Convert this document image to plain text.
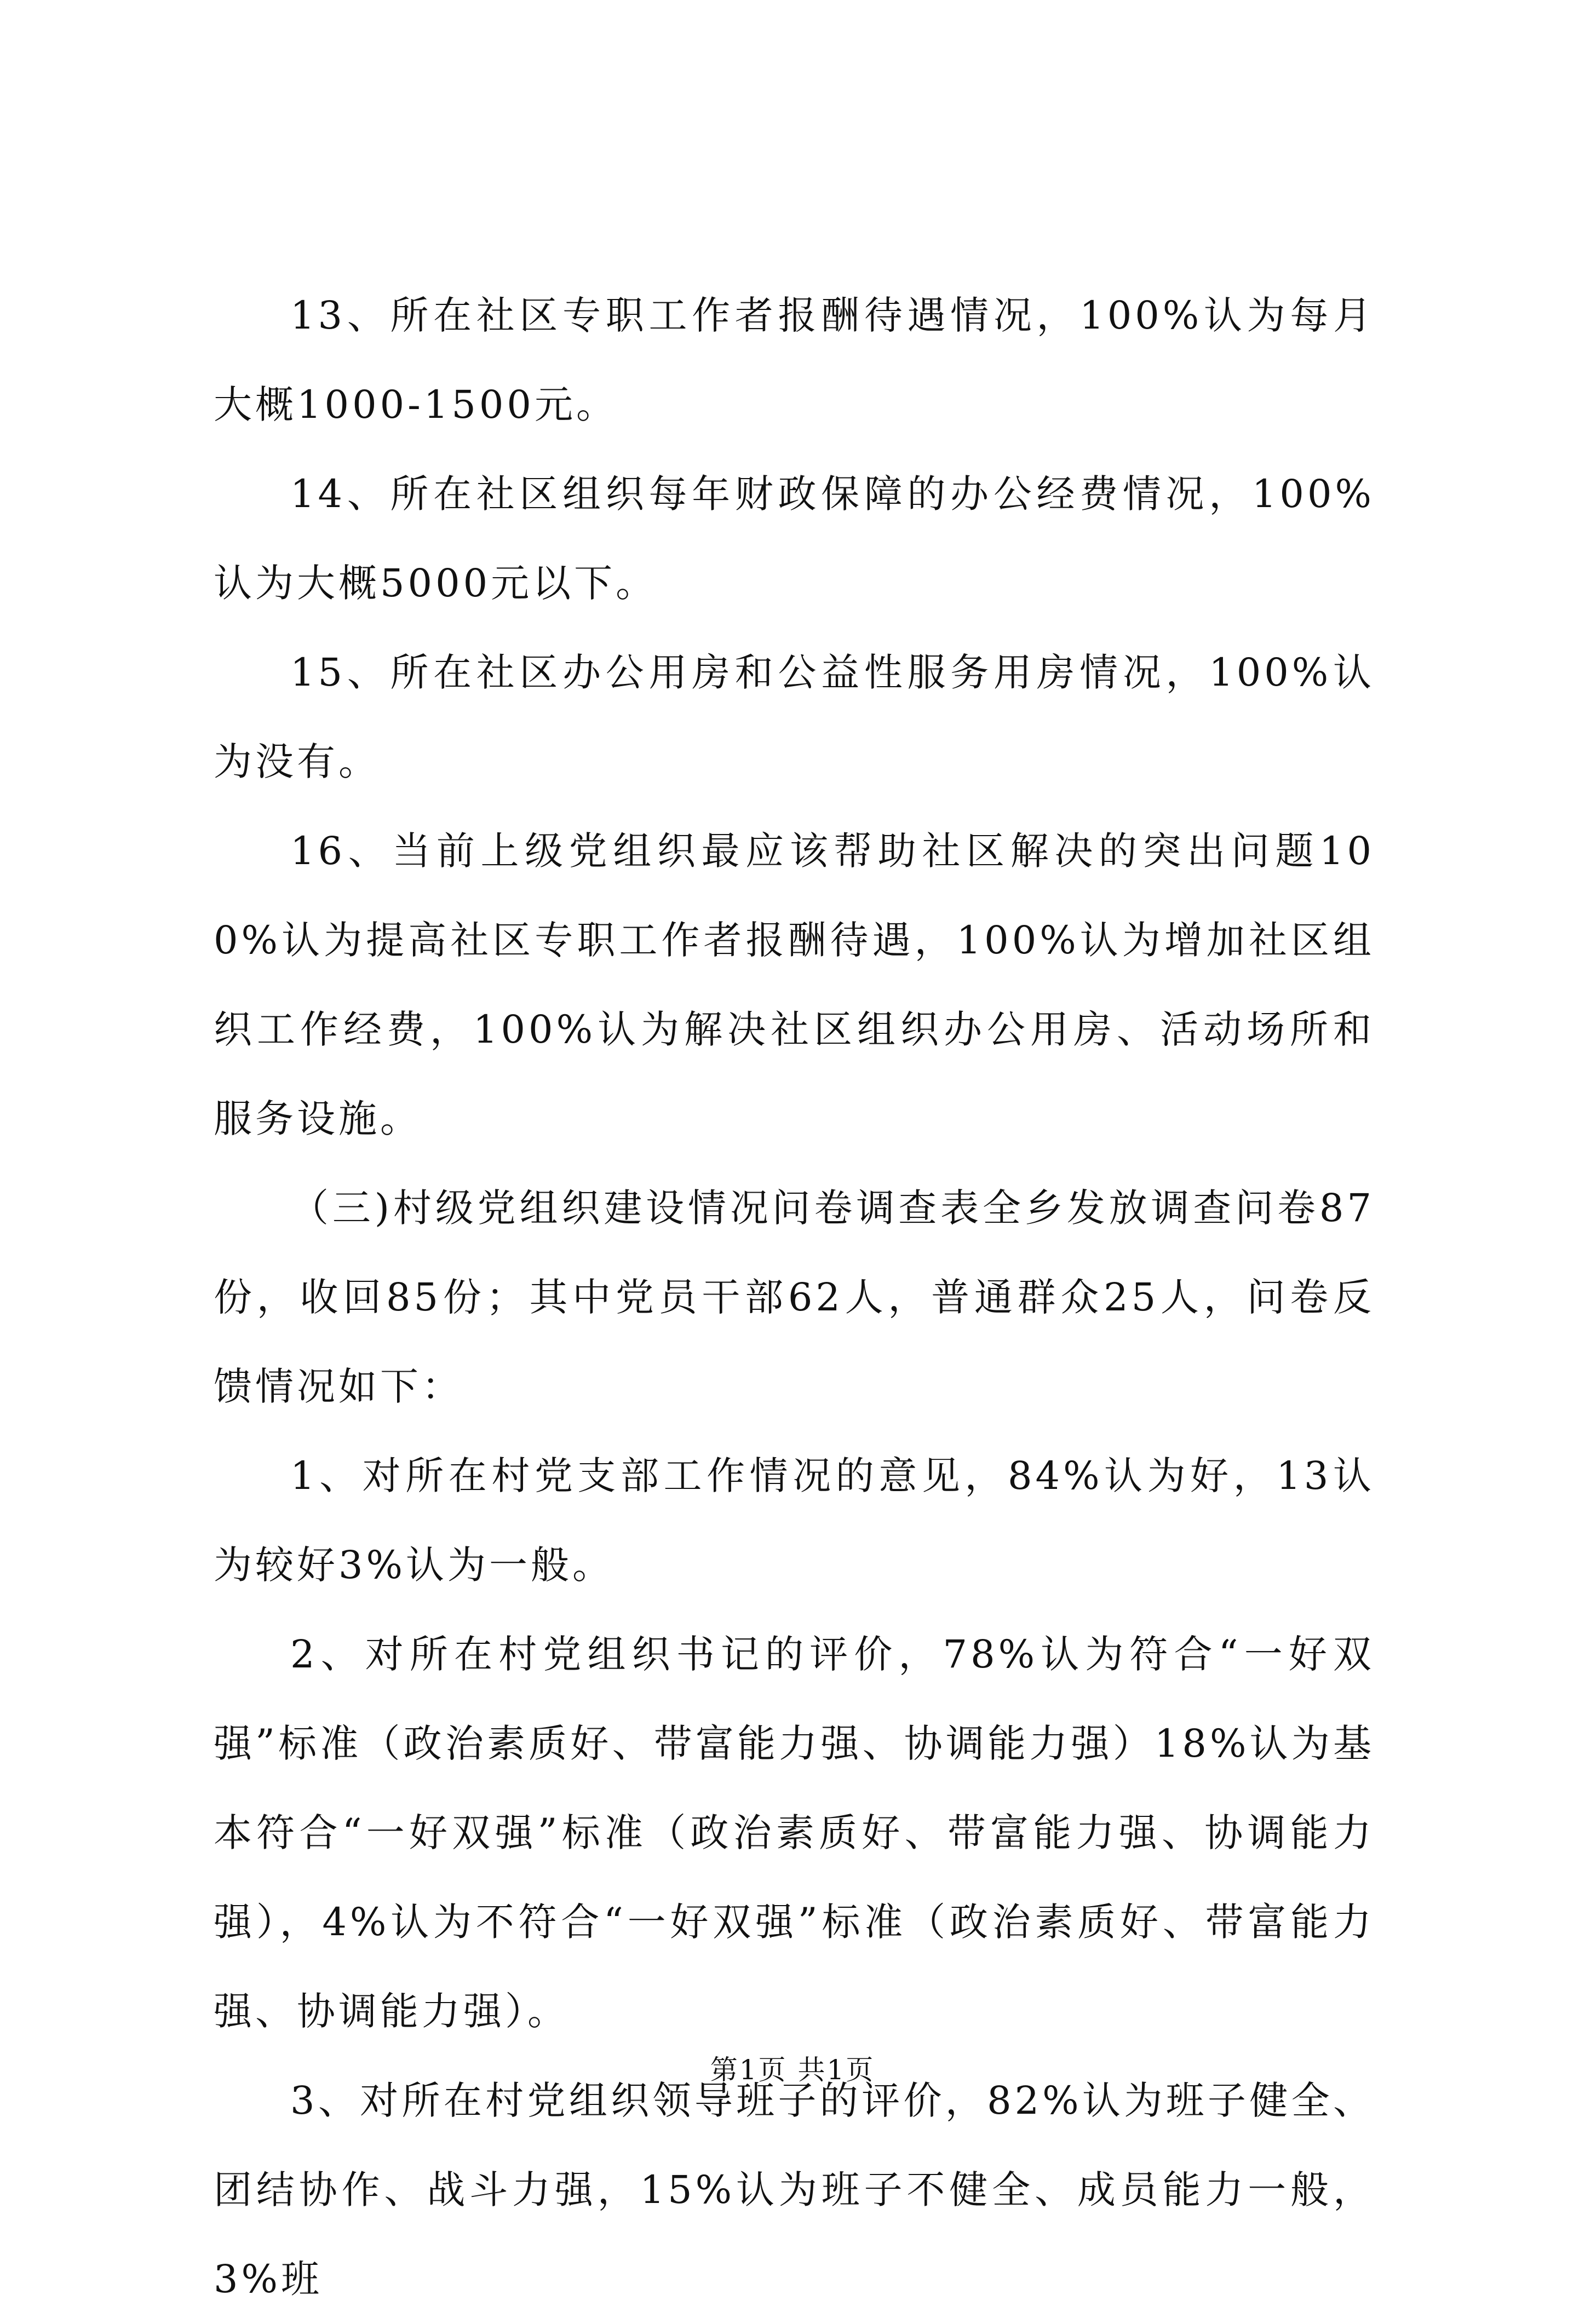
13、所在社区专职工作者报酬待遇情况，100%认为每月大概1000-1500元。

14、所在社区组织每年财政保障的办公经费情况，100%认为大概5000元以下。

15、所在社区办公用房和公益性服务用房情况，100%认为没有。

16、当前上级党组织最应该帮助社区解决的突出问题100%认为提高社区专职工作者报酬待遇，100%认为增加社区组织工作经费，100%认为解决社区组织办公用房、活动场所和服务设施。

（三)村级党组织建设情况问卷调查表全乡发放调查问卷87份，收回85份；其中党员干部62人，普通群众25人，问卷反馈情况如下：

1、对所在村党支部工作情况的意见，84%认为好，13认为较好3%认为一般。

2、对所在村党组织书记的评价，78%认为符合“一好双强”标准（政治素质好、带富能力强、协调能力强）18%认为基本符合“一好双强”标准（政治素质好、带富能力强、协调能力强），4%认为不符合“一好双强”标准（政治素质好、带富能力强、协调能力强）。

3、对所在村党组织领导班子的评价，82%认为班子健全、团结协作、战斗力强，15%认为班子不健全、成员能力一般，3%班

第1页 共1页
